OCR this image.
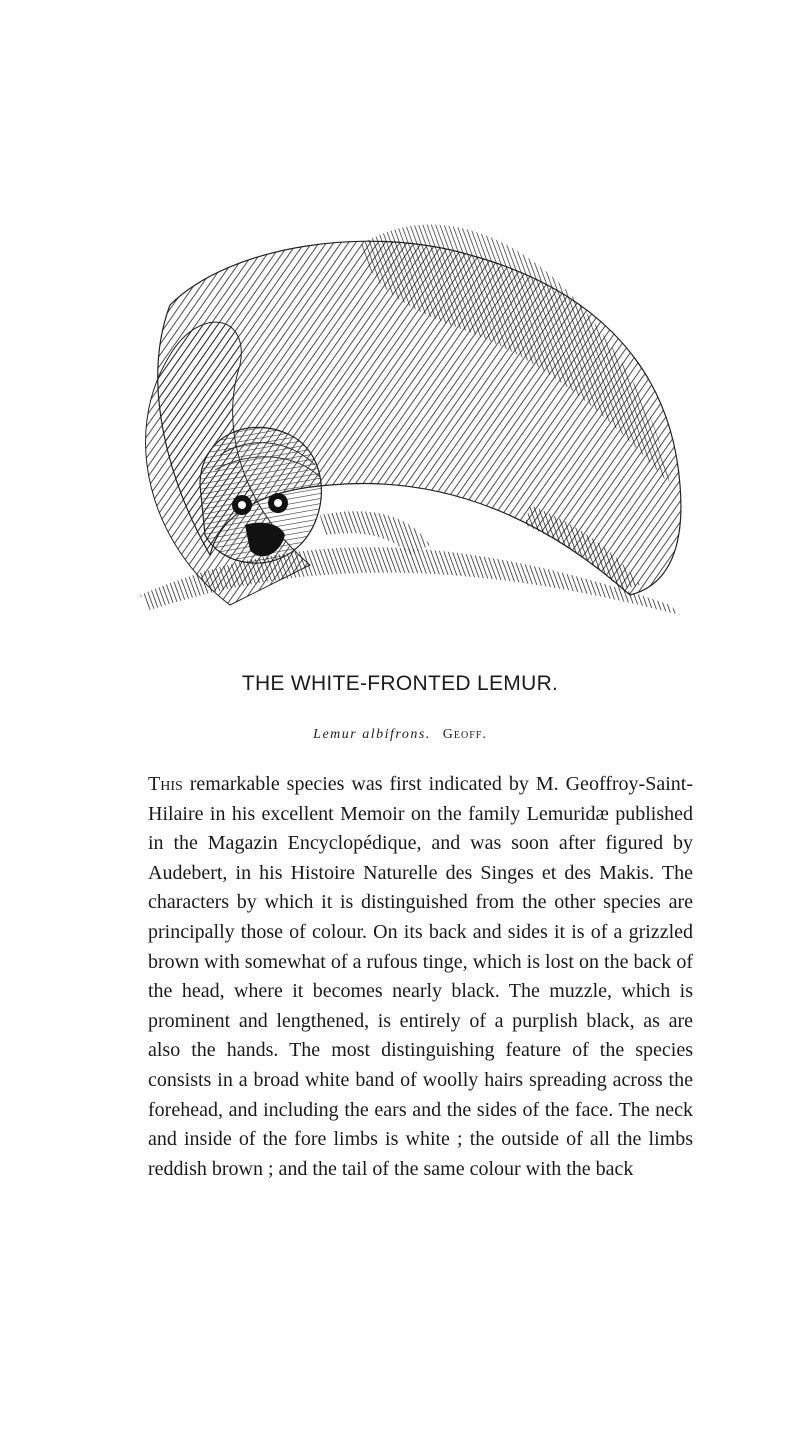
THE WHITE-FRONTED LEMUR.
Lemur albifrons. Geoff.

This remarkable species was first indicated by M. Geoffroy-Saint-Hilaire in his excellent Memoir on the family Lemuridæ published in the Magazin Encyclopédique, and was soon after figured by Audebert, in his Histoire Naturelle des Singes et des Makis. The characters by which it is distinguished from the other species are principally those of colour. On its back and sides it is of a grizzled brown with somewhat of a rufous tinge, which is lost on the back of the head, where it becomes nearly black. The muzzle, which is prominent and lengthened, is entirely of a purplish black, as are also the hands. The most distinguishing feature of the species consists in a broad white band of woolly hairs spreading across the forehead, and including the ears and the sides of the face. The neck and inside of the fore limbs is white ; the outside of all the limbs reddish brown ; and the tail of the same colour with the back
